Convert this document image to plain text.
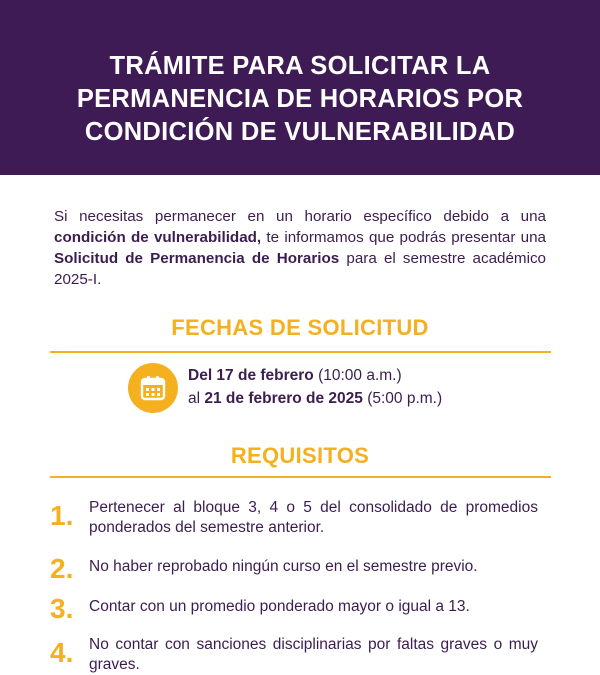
TRÁMITE PARA SOLICITAR LA
PERMANENCIA DE HORARIOS POR
CONDICIÓN DE VULNERABILIDAD

Si necesitas permanecer en un horario específico debido a una condición de vulnerabilidad, te informamos que podrás presentar una Solicitud de Permanencia de Horarios para el semestre académico 2025-I.

FECHAS DE SOLICITUD
Del 17 de febrero (10:00 a.m.)
al 21 de febrero de 2025 (5:00 p.m.)
REQUISITOS
1. Pertenecer al bloque 3, 4 o 5 del consolidado de promedios ponderados del semestre anterior.

2. No haber reprobado ningún curso en el semestre previo.

3. Contar con un promedio ponderado mayor o igual a 13.

4. No contar con sanciones disciplinarias por faltas graves o muy graves.
